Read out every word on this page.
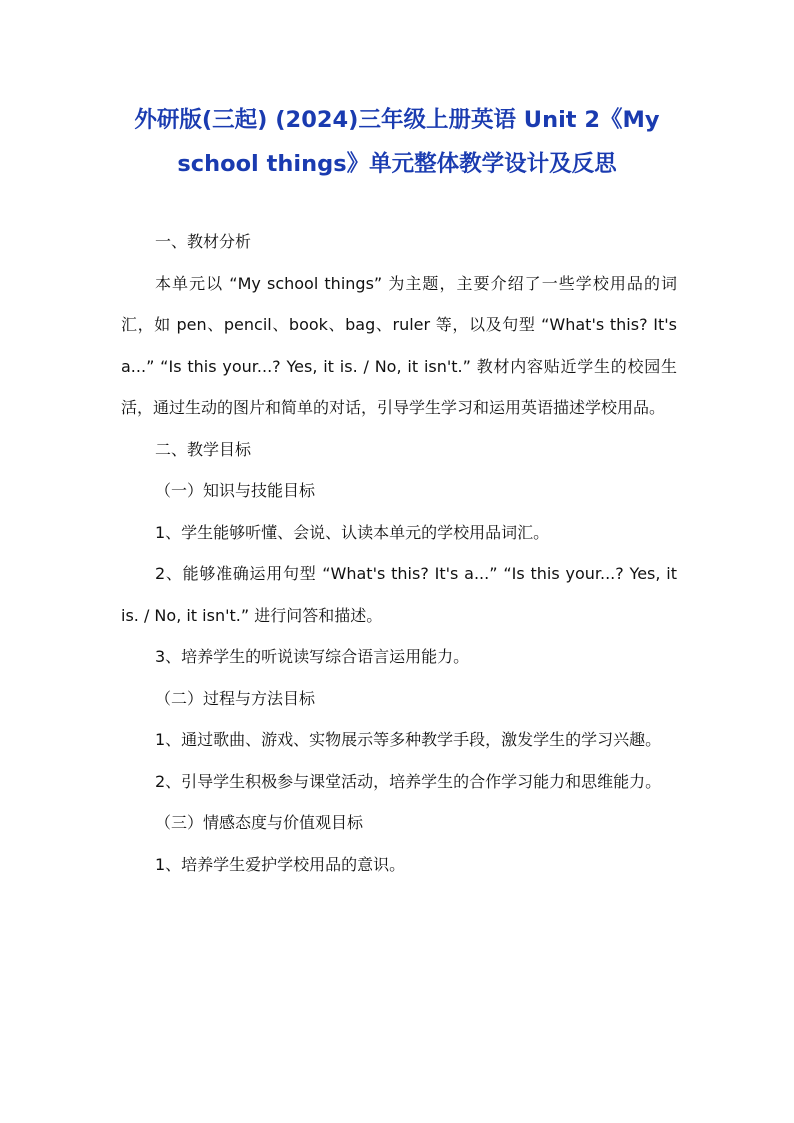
外研版(三起) (2024)三年级上册英语 Unit 2《My
school things》单元整体教学设计及反思

一、教材分析

本单元以 “My school things” 为主题，主要介绍了一些学校用品的词汇，如 pen、pencil、book、bag、ruler 等，以及句型 “What's this? It's a...” “Is this your...? Yes, it is. / No, it isn't.” 教材内容贴近学生的校园生活，通过生动的图片和简单的对话，引导学生学习和运用英语描述学校用品。

二、教学目标

（一）知识与技能目标

1、学生能够听懂、会说、认读本单元的学校用品词汇。

2、能够准确运用句型 “What's this? It's a...” “Is this your...? Yes, it is. / No, it isn't.” 进行问答和描述。

3、培养学生的听说读写综合语言运用能力。

（二）过程与方法目标

1、通过歌曲、游戏、实物展示等多种教学手段，激发学生的学习兴趣。

2、引导学生积极参与课堂活动，培养学生的合作学习能力和思维能力。

（三）情感态度与价值观目标

1、培养学生爱护学校用品的意识。
